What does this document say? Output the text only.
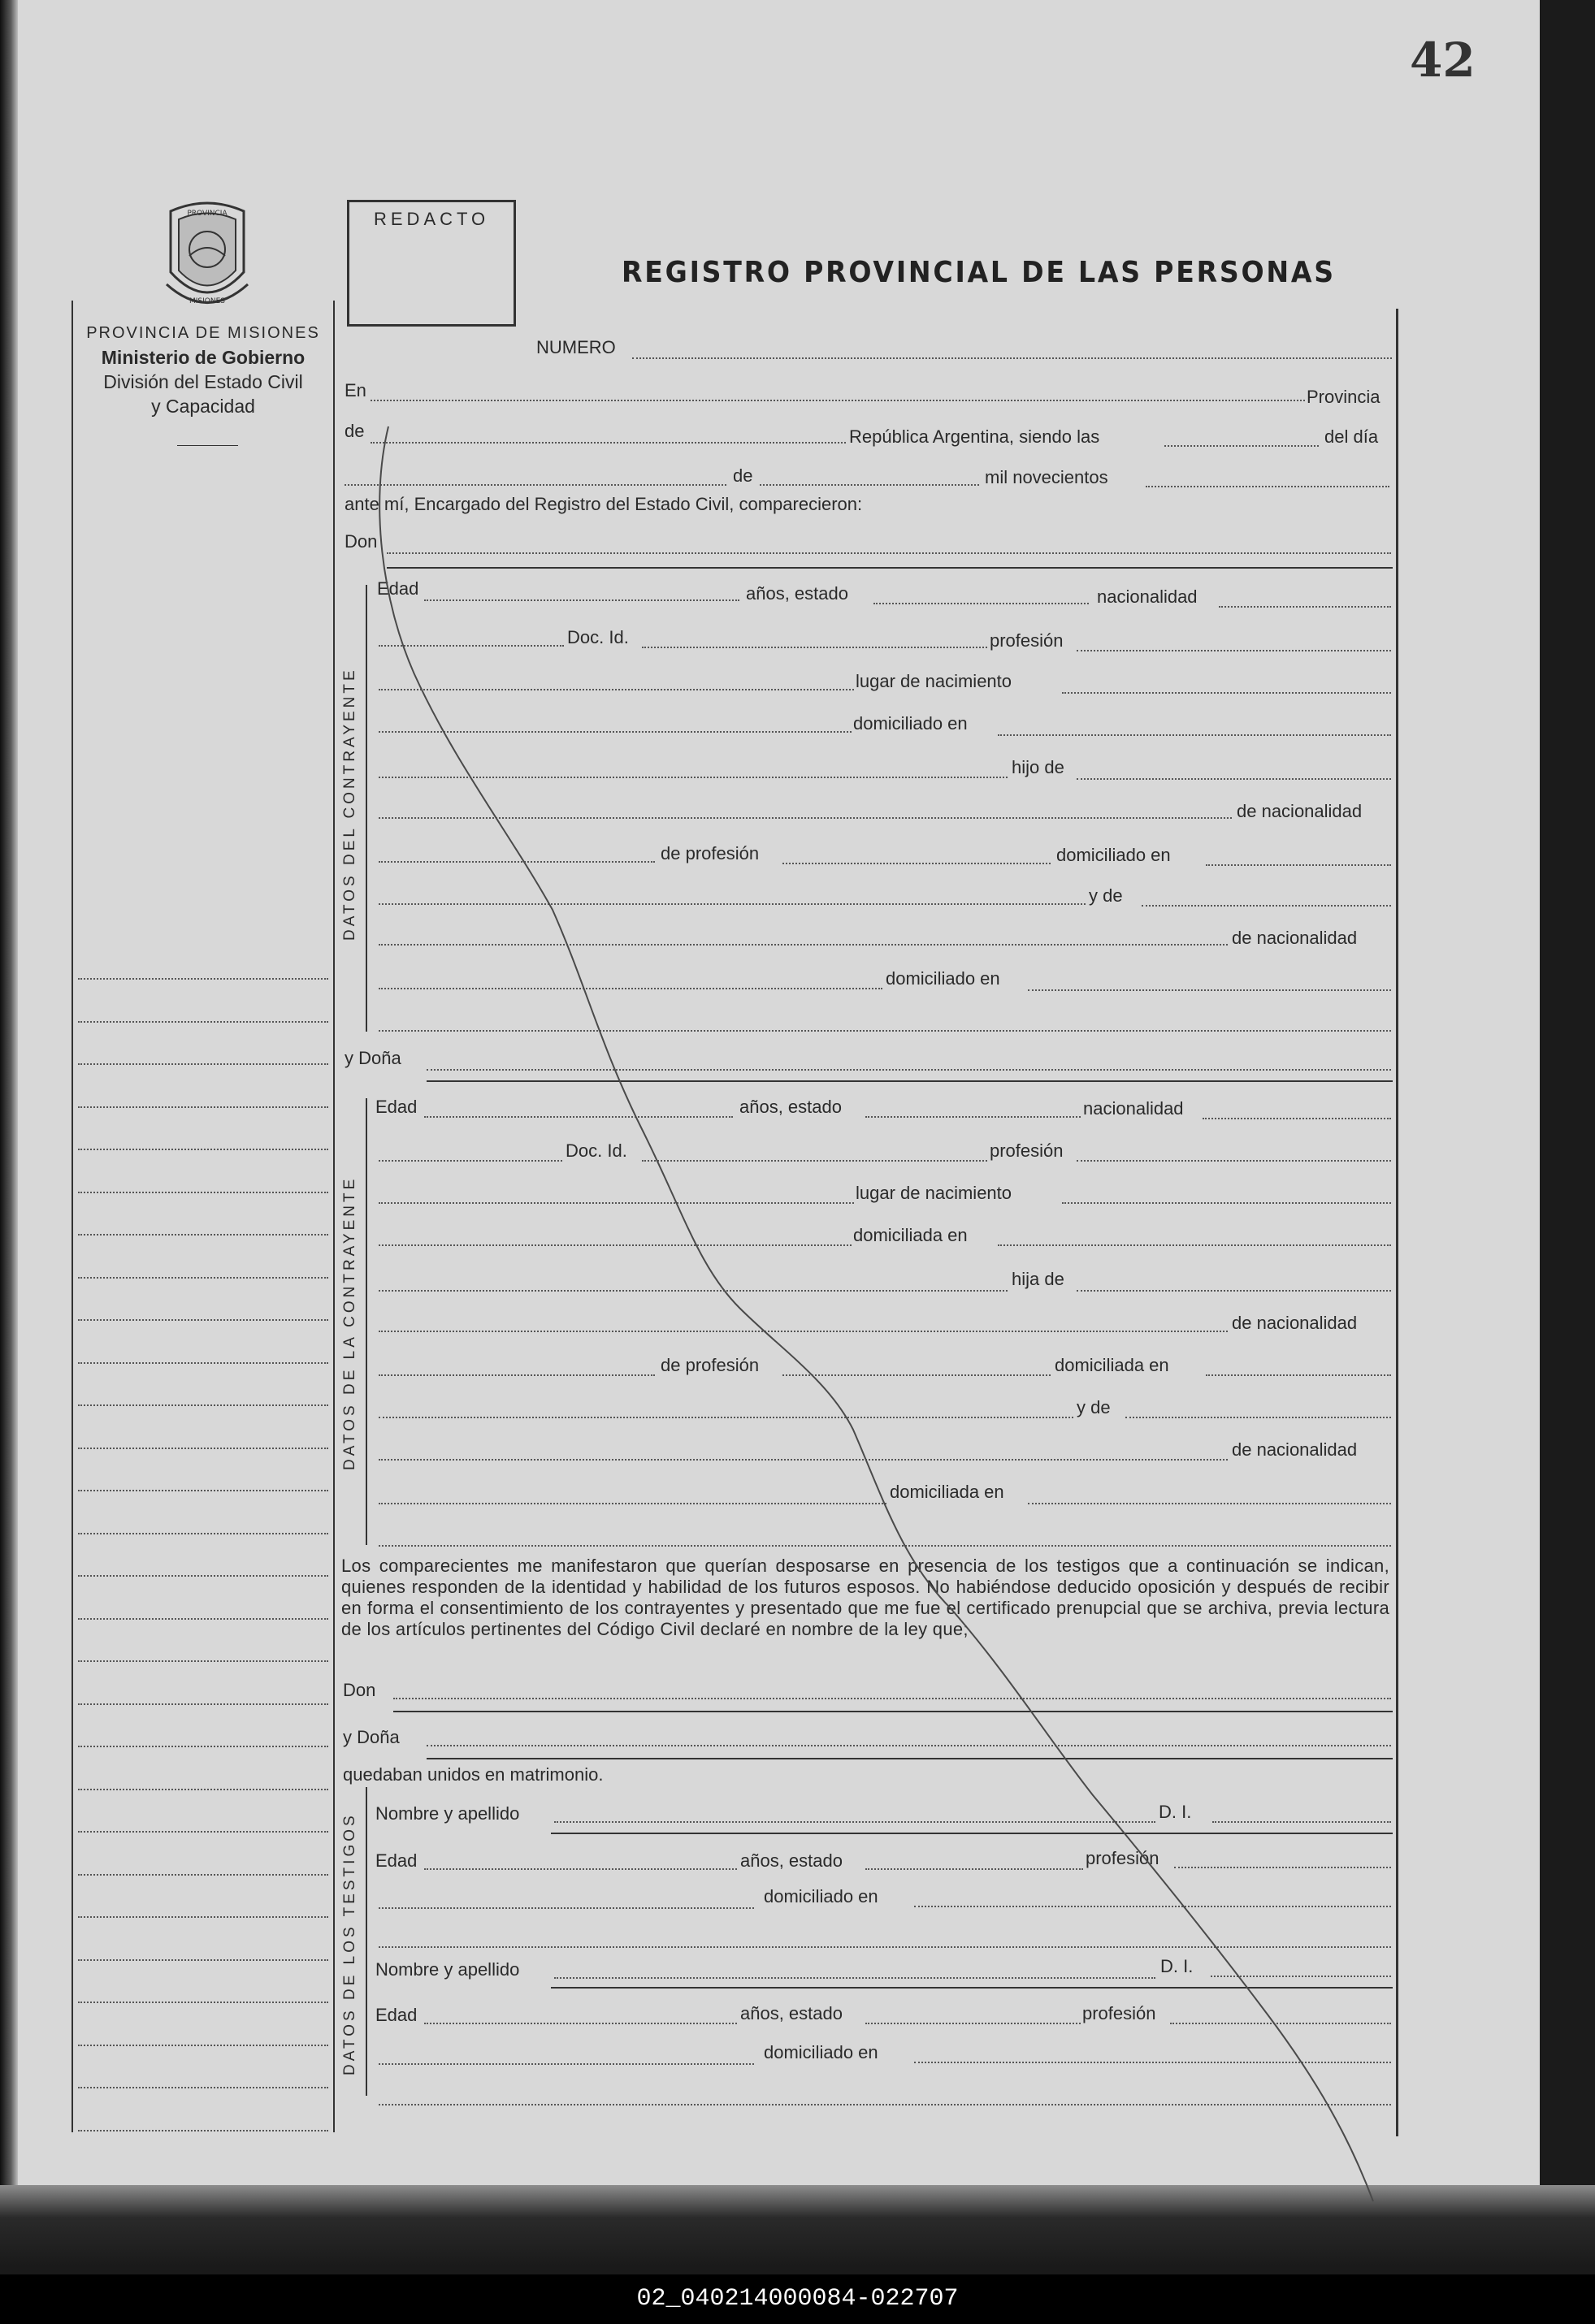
02_040214000084-022707
42
PROVINCIA
MISIONES
PROVINCIA DE MISIONES
Ministerio de Gobierno
División del Estado Civil
y Capacidad
REDACTO
REGISTRO PROVINCIAL DE LAS PERSONAS
NUMERO
En	Provincia
de	República Argentina, siendo las	del día
de	mil novecientos
ante mí, Encargado del Registro del Estado Civil, comparecieron:
Don
DATOS DEL CONTRAYENTE
Edad	años, estado	nacionalidad
Doc. Id.	profesión
lugar de nacimiento
domiciliado en
hijo de
de nacionalidad
de profesión	domiciliado en
y de
de nacionalidad
domiciliado en
y Doña
DATOS DE LA CONTRAYENTE
Edad	años, estado	nacionalidad
Doc. Id.	profesión
lugar de nacimiento
domiciliada en
hija de
de nacionalidad
de profesión	domiciliada en
y de
de nacionalidad
domiciliada en
Los comparecientes me manifestaron que querían desposarse en presencia de los testigos que a continuación se indican, quienes responden de la identidad y habilidad de los futuros esposos. No habiéndose deducido oposición y después de recibir en forma el consentimiento de los contrayentes y presentado que me fue el certificado prenupcial que se archiva, previa lectura de los artículos pertinentes del Código Civil declaré en nombre de la ley que;
Don
y Doña
quedaban unidos en matrimonio.
DATOS DE LOS TESTIGOS Nombre y apellido	D. I.
Edad	años, estado	profesión
domiciliado en
Nombre y apellido	D. I.
Edad	años, estado	profesión
domiciliado en
